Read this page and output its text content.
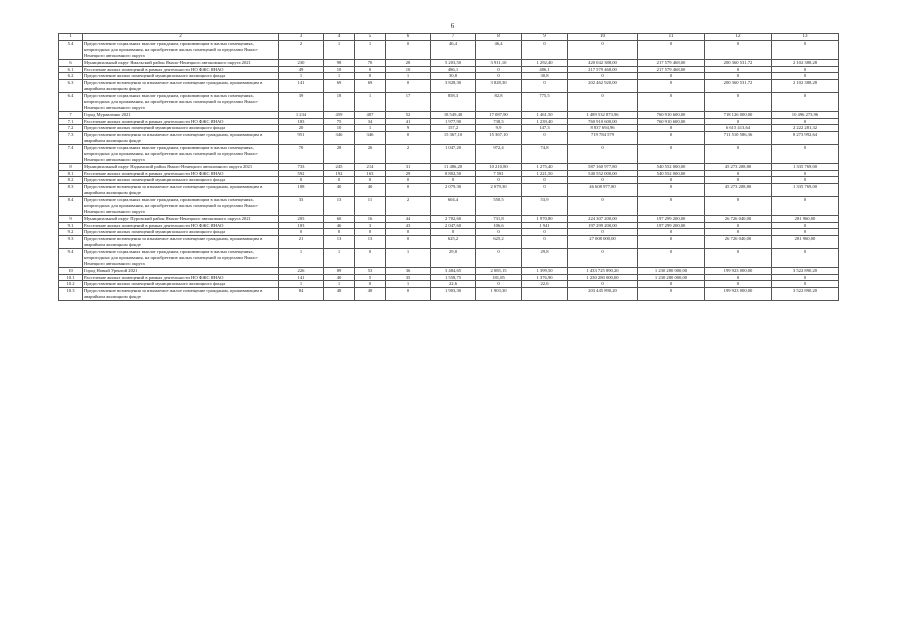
6
1	2	3	4	5	6	7	8	9	10	11	12	13
5.4	Предоставление социальных выплат гражданам, проживающим в жилых помещениях, непригодных для проживания, на приобретение жилых помещений за пределами Ямало-Ненецкого автономного округа	2	1	1	0	46,4	46,4	0	0	0	0	0
6	Муниципальный округ Ямальский район Ямало-Ненецкого автономного округа 2021	230	98	70	28	5 203,50	3 911,10	1 292,40	420 042 388,00	217 579 468,00	200 360 531,72	2 102 388,28
6.1	Расселение жилых помещений в рамках деятельности НО ФЖС ЯНАО	49	10	0	10	486,1	0	486,1	217 579 468,00	217 579 468,00	0	0
6.2	Предоставление жилых помещений муниципального жилищного фонда	1	1	0	1	30,8	0	30,8	0	0	0	0
6.3	Предоставление возмещения за изымаемое жилое помещение гражданам, проживающим в аварийном жилищном фонде	141	69	69	0	3 828,30	3 828,30	0	202 462 920,00	0	200 360 531,72	2 102 388,28
6.4	Предоставление социальных выплат гражданам, проживающим в жилых помещениях, непригодных для проживания, на приобретение жилых помещений за пределами Ямало-Ненецкого автономного округа	39	18	1	17	858,3	82,8	775,5	0	0	0	0
7	Город Муравленко 2021	1 234	459	407	52	18 549,40	17 087,90	1 461,50	1 489 532 873,96	760 910 600,00	718 126 000,00	10 496 273,96
7.1	Расселение жилых помещений в рамках деятельности НО ФЖС ЯНАО	183	75	34	41	1 977,90	738,5	1 239,40	760 910 600,00	760 910 600,00	0	0
7.2	Предоставление жилых помещений муниципального жилищного фонда	20	10	1	9	157,2	9,9	147,3	8 837 694,96	0	6 615 413,64	2 222 281,32
7.3	Предоставление возмещения за изымаемое жилое помещение гражданам, проживающим в аварийном жилищном фонде	951	346	346	0	15 367,10	15 367,10	0	719 784 579	0	711 510 586,36	8 273 992,64
7.4	Предоставление социальных выплат гражданам, проживающим в жилых помещениях, непригодных для проживания, на приобретение жилых помещений за пределами Ямало-Ненецкого автономного округа	70	28	26	2	1 047,20	972,4	74,8	0	0	0	0
8	Муниципальный округ Надымский район Ямало-Ненецкого автономного округа 2021	733	245	214	31	11 486,20	10 210,80	1 275,40	587 160 977,80	540 552 000,00	45 273 208,80	1 335 769,00
8.1	Расселение жилых помещений в рамках деятельности НО ФЖС ЯНАО	592	192	163	29	8 802,50	7 581	1 221,50	540 552 000,00	540 552 000,00	0	0
8.2	Предоставление жилых помещений муниципального жилищного фонда	0	0	0	0	0	0	0	0	0	0	0
8.3	Предоставление возмещения за изымаемое жилое помещение гражданам, проживающим в аварийном жилищном фонде	108	40	40	0	2 079,30	2 079,30	0	46 608 977,80	0	45 273 208,80	1 335 769,00
8.4	Предоставление социальных выплат гражданам, проживающим в жилых помещениях, непригодных для проживания, на приобретение жилых помещений за пределами Ямало-Ненецкого автономного округа	33	13	11	2	604,4	550,5	53,9	0	0	0	0
9	Муниципальный округ Пуровский район Ямало-Ненецкого автономного округа 2021	205	60	16	44	2 702,60	731,8	1 970,80	224 307 200,00	197 299 200,00	26 726 040,00	281 960,00
9.1	Расселение жилых помещений в рамках деятельности НО ФЖС ЯНАО	183	46	3	43	2 047,60	106,6	1 941	197 299 200,00	197 299 200,00	0	0
9.2	Предоставление жилых помещений муниципального жилищного фонда	0	0	0	0	0	0	0	0	0	0	0
9.3	Предоставление возмещения за изымаемое жилое помещение гражданам, проживающим в аварийном жилищном фонде	21	13	13	0	625,2	625,2	0	27 008 000,00	0	26 726 040,00	281 960,00
9.4	Предоставление социальных выплат гражданам, проживающим в жилых помещениях, непригодных для проживания, на приобретение жилых помещений за пределами Ямало-Ненецкого автономного округа	1	1	0	1	29,8	0	29,8	0	0	0	0
10	Город Новый Уренгой 2021	226	89	53	36	3 484,65	2 085,15	1 399,50	1 433 725 890,20	1 230 280 000,00	199 923 000,00	3 522 890,20
10.1	Расселение жилых помещений в рамках деятельности НО ФЖС ЯНАО	141	40	5	35	1 558,75	181,85	1 376,90	1 230 280 000,00	1 230 280 000,00	0	0
10.2	Предоставление жилых помещений муниципального жилищного фонда	1	1	0	1	22,6	0	22,6	0	0	0	0
10.3	Предоставление возмещения за изымаемое жилое помещение гражданам, проживающим в аварийном жилищном фонде	84	48	48	0	1 903,30	1 903,30		203 445 890,20	0	199 923 000,00	3 522 890,20
